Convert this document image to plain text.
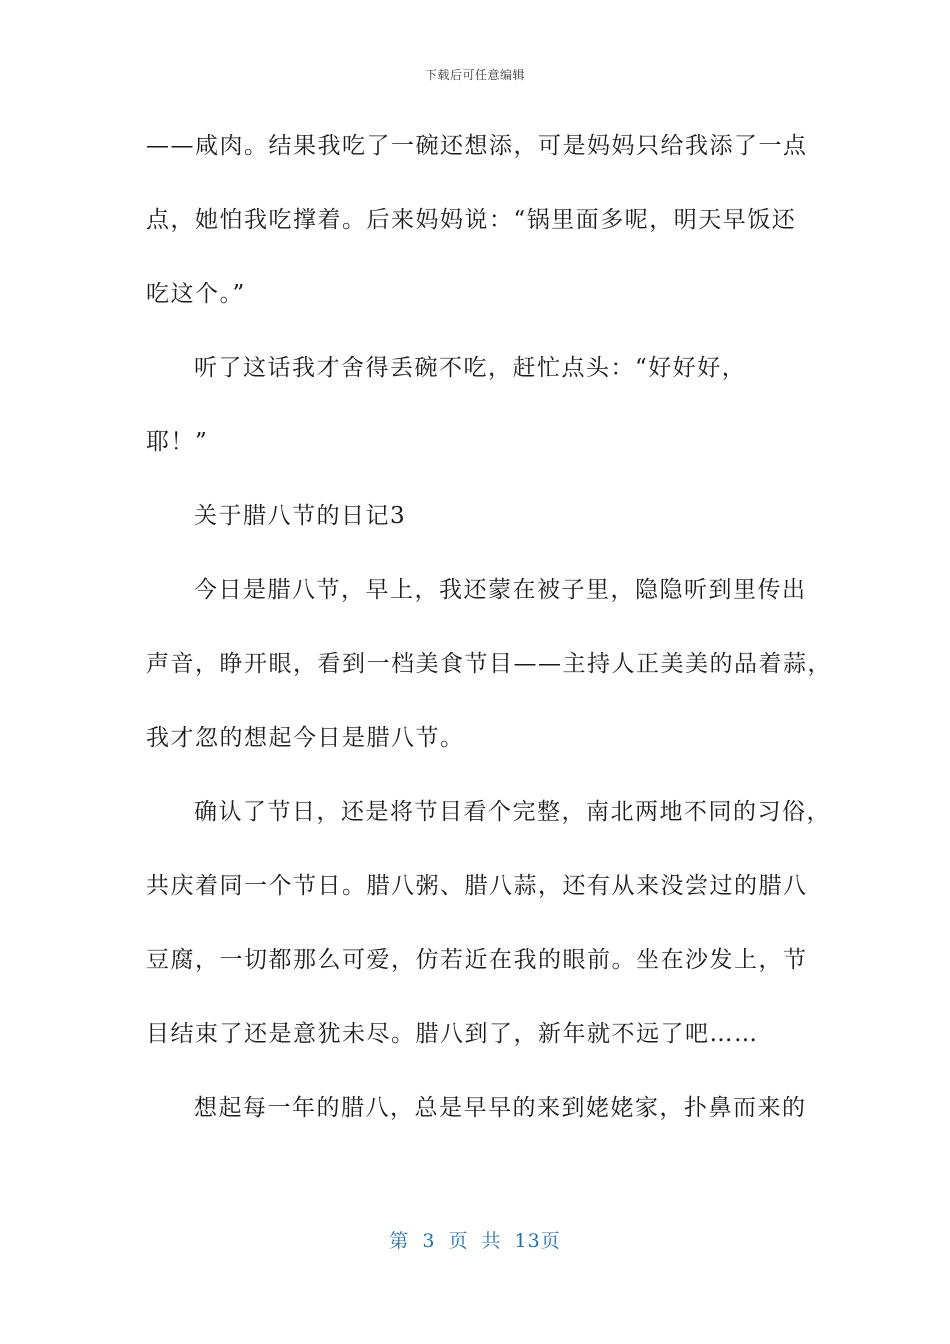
下载后可任意编辑
——咸肉。结果我吃了一碗还想添，可是妈妈只给我添了一点
点，她怕我吃撑着。后来妈妈说：“锅里面多呢，明天早饭还
吃这个。”
听了这话我才舍得丢碗不吃，赶忙点头：“好好好，
耶！”
关于腊八节的日记3
今日是腊八节，早上，我还蒙在被子里，隐隐听到里传出
声音，睁开眼，看到一档美食节目——主持人正美美的品着蒜，
我才忽的想起今日是腊八节。
确认了节日，还是将节目看个完整，南北两地不同的习俗，
共庆着同一个节日。腊八粥、腊八蒜，还有从来没尝过的腊八
豆腐，一切都那么可爱，仿若近在我的眼前。坐在沙发上，节
目结束了还是意犹未尽。腊八到了，新年就不远了吧……
想起每一年的腊八，总是早早的来到姥姥家，扑鼻而来的
第 3 页 共 13页
